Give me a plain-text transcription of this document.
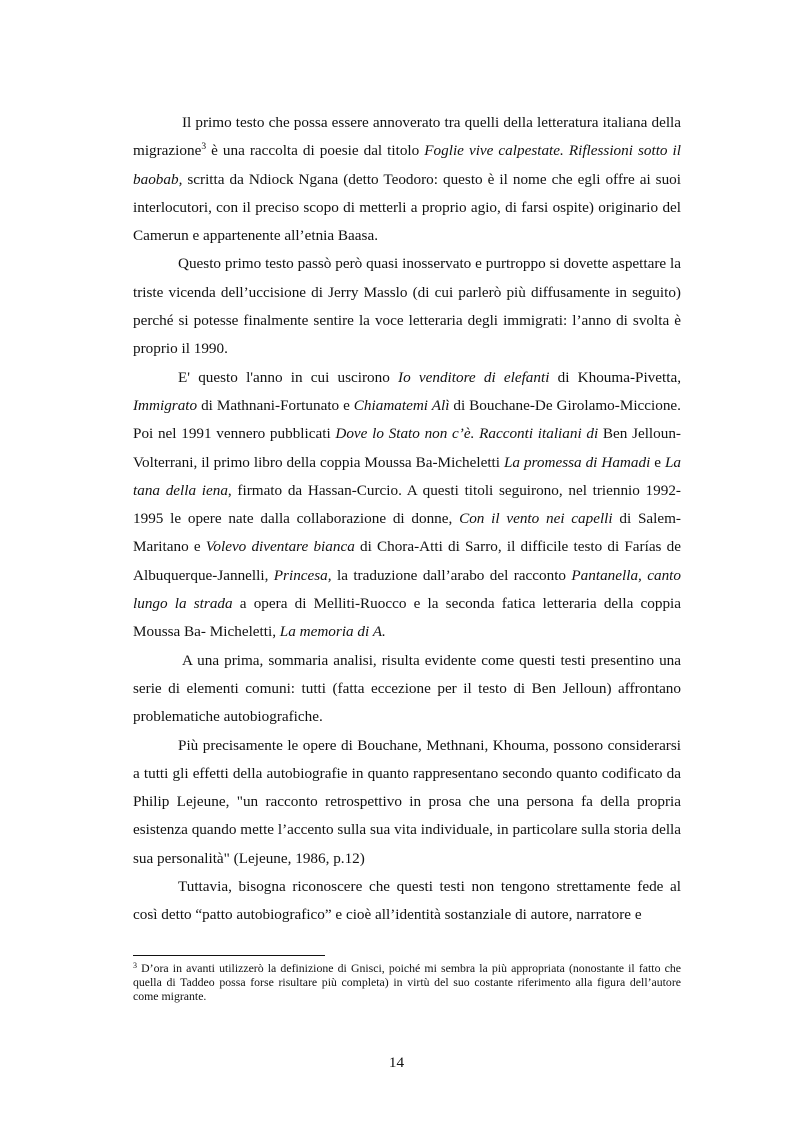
Il primo testo che possa essere annoverato tra quelli della letteratura italiana della migrazione$^3$ è una raccolta di poesie dal titolo Foglie vive calpestate. Riflessioni sotto il baobab, scritta da Ndiock Ngana (detto Teodoro: questo è il nome che egli offre ai suoi interlocutori, con il preciso scopo di metterli a proprio agio, di farsi ospite) originario del Camerun e appartenente all’etnia Baasa.

Questo primo testo passò però quasi inosservato e purtroppo si dovette aspettare la triste vicenda dell’uccisione di Jerry Masslo (di cui parlerò più diffusamente in seguito) perché si potesse finalmente sentire la voce letteraria degli immigrati: l’anno di svolta è proprio il 1990.

E' questo l'anno in cui uscirono Io venditore di elefanti di Khouma-Pivetta, Immigrato di Mathnani-Fortunato e Chiamatemi Alì di Bouchane-De Girolamo-Miccione. Poi nel 1991 vennero pubblicati Dove lo Stato non c’è. Racconti italiani di Ben Jelloun-Volterrani, il primo libro della coppia Moussa Ba-Micheletti La promessa di Hamadi e La tana della iena, firmato da Hassan-Curcio. A questi titoli seguirono, nel triennio 1992-1995 le opere nate dalla collaborazione di donne, Con il vento nei capelli di Salem-Maritano e Volevo diventare bianca di Chora-Atti di Sarro, il difficile testo di Farías de Albuquerque-Jannelli, Princesa, la traduzione dall’arabo del racconto Pantanella, canto lungo la strada a opera di Melliti-Ruocco e la seconda fatica letteraria della coppia Moussa Ba- Micheletti, La memoria di A.

A una prima, sommaria analisi, risulta evidente come questi testi presentino una serie di elementi comuni: tutti (fatta eccezione per il testo di Ben Jelloun) affrontano problematiche autobiografiche.

Più precisamente le opere di Bouchane, Methnani, Khouma, possono considerarsi a tutti gli effetti della autobiografie in quanto rappresentano secondo quanto codificato da Philip Lejeune, "un racconto retrospettivo in prosa che una persona fa della propria esistenza quando mette l’accento sulla sua vita individuale, in particolare sulla storia della sua personalità" (Lejeune, 1986, p.12)

Tuttavia, bisogna riconoscere che questi testi non tengono strettamente fede al così detto “patto autobiografico” e cioè all’identità sostanziale di autore, narratore e

$^3$ D’ora in avanti utilizzerò la definizione di Gnisci, poiché mi sembra la più appropriata (nonostante il fatto che quella di Taddeo possa forse risultare più completa) in virtù del suo costante riferimento alla figura dell’autore come migrante.

14
